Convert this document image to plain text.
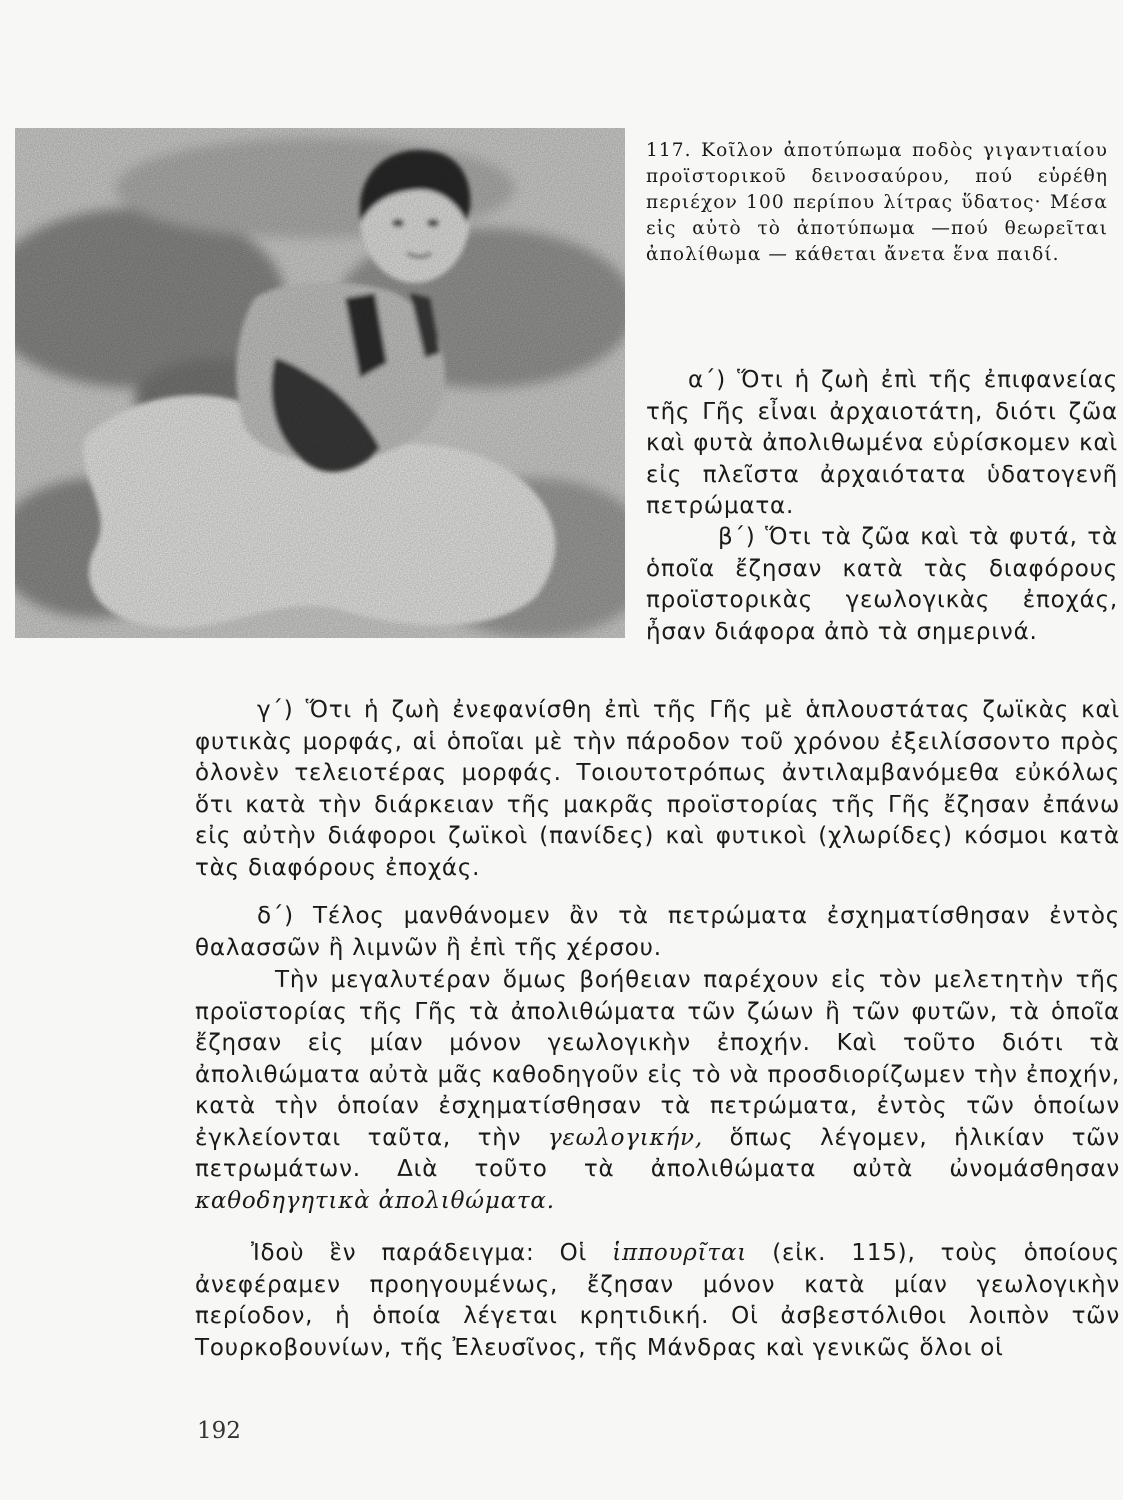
117. Κοῖλον ἀποτύπωμα ποδὸς γιγαντιαίου προϊστορικοῦ δεινοσαύρου, πού εὑρέθη περιέχον 100 περίπου λίτρας ὕδατος· Μέσα εἰς αὐτὸ τὸ ἀποτύπωμα —πού θεωρεῖται ἀπολίθωμα — κάθεται ἄνετα ἕνα παιδί.

α΄) Ὅτι ἡ ζωὴ ἐπὶ τῆς ἐπιφανείας τῆς Γῆς εἶναι ἀρχαιοτάτη, διότι ζῶα καὶ φυτὰ ἀπολιθωμένα εὑρίσκομεν καὶ εἰς πλεῖστα ἀρχαιότατα ὑδατογενῆ πετρώματα.

β΄) Ὅτι τὰ ζῶα καὶ τὰ φυτά, τὰ ὁποῖα ἔζησαν κατὰ τὰς διαφόρους προϊστορικὰς γεωλογικὰς ἐποχάς, ἦσαν διάφορα ἀπὸ τὰ σημερινά.

γ΄) Ὅτι ἡ ζωὴ ἐνεφανίσθη ἐπὶ τῆς Γῆς μὲ ἁπλουστάτας ζωϊκὰς καὶ φυτικὰς μορφάς, αἱ ὁποῖαι μὲ τὴν πάροδον τοῦ χρόνου ἐξειλίσσοντο πρὸς ὁλονὲν τελειοτέρας μορφάς. Τοιουτοτρόπως ἀντιλαμβανόμεθα εὐκόλως ὅτι κατὰ τὴν διάρκειαν τῆς μακρᾶς προϊστορίας τῆς Γῆς ἔζησαν ἐπάνω εἰς αὐτὴν διάφοροι ζωϊκοὶ (πανίδες) καὶ φυτικοὶ (χλωρίδες) κόσμοι κατὰ τὰς διαφόρους ἐποχάς.

δ΄) Τέλος μανθάνομεν ἂν τὰ πετρώματα ἐσχηματίσθησαν ἐντὸς θαλασσῶν ἢ λιμνῶν ἢ ἐπὶ τῆς χέρσου.

Τὴν μεγαλυτέραν ὅμως βοήθειαν παρέχουν εἰς τὸν μελετητὴν τῆς προϊστορίας τῆς Γῆς τὰ ἀπολιθώματα τῶν ζώων ἢ τῶν φυτῶν, τὰ ὁποῖα ἔζησαν εἰς μίαν μόνον γεωλογικὴν ἐποχήν. Καὶ τοῦτο διότι τὰ ἀπολιθώματα αὐτὰ μᾶς καθοδηγοῦν εἰς τὸ νὰ προσδιορίζωμεν τὴν ἐποχήν, κατὰ τὴν ὁποίαν ἐσχηματίσθησαν τὰ πετρώματα, ἐντὸς τῶν ὁποίων ἐγκλείονται ταῦτα, τὴν γεωλογικήν, ὅπως λέγομεν, ἡλικίαν τῶν πετρωμάτων. Διὰ τοῦτο τὰ ἀπολιθώματα αὐτὰ ὠνομάσθησαν καθοδηγητικὰ ἀπολιθώματα.

Ἰδοὺ ἓν παράδειγμα: Οἱ ἱππουρῖται (εἰκ. 115), τοὺς ὁποίους ἀνεφέραμεν προηγουμένως, ἔζησαν μόνον κατὰ μίαν γεωλογικὴν περίοδον, ἡ ὁποία λέγεται κρητιδική. Οἱ ἀσβεστόλιθοι λοιπὸν τῶν Τουρκοβουνίων, τῆς Ἐλευσῖνος, τῆς Μάνδρας καὶ γενικῶς ὅλοι οἱ

192
